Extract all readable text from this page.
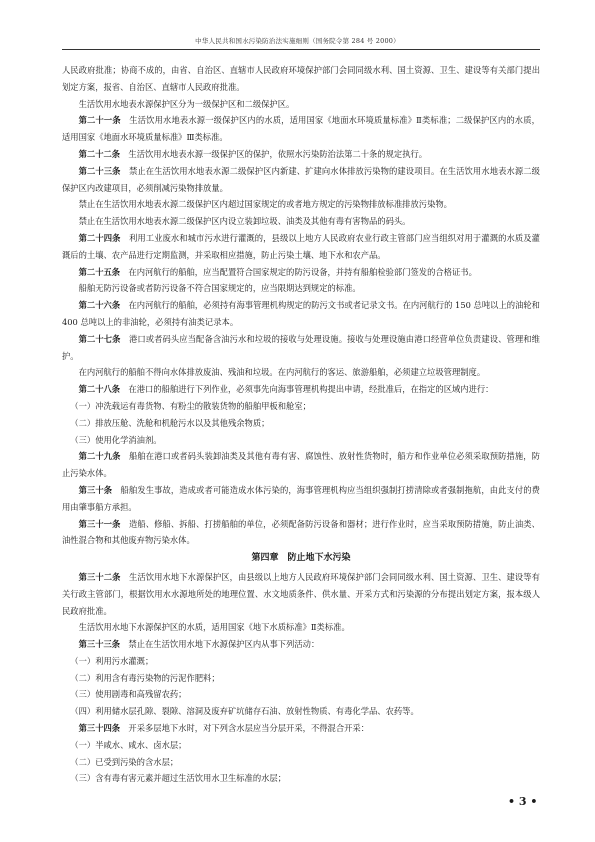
中华人民共和国水污染防治法实施细则（国务院令第 284 号 2000）

人民政府批准；协商不成的，由省、自治区、直辖市人民政府环境保护部门会同同级水利、国土资源、卫生、建设等有关部门提出划定方案，报省、自治区、直辖市人民政府批准。

生活饮用水地表水源保护区分为一级保护区和二级保护区。

第二十一条　 生活饮用水地表水源一级保护区内的水质，适用国家《地面水环境质量标准》Ⅱ类标准；二级保护区内的水质，适用国家《地面水环境质量标准》Ⅲ类标准。

第二十二条　 生活饮用水地表水源一级保护区的保护，依照水污染防治法第二十条的规定执行。

第二十三条　 禁止在生活饮用水地表水源二级保护区内新建、扩建向水体排放污染物的建设项目。在生活饮用水地表水源二级保护区内改建项目，必须削减污染物排放量。

禁止在生活饮用水地表水源二级保护区内超过国家规定的或者地方规定的污染物排放标准排放污染物。

禁止在生活饮用水地表水源二级保护区内设立装卸垃圾、油类及其他有毒有害物品的码头。

第二十四条　 利用工业废水和城市污水进行灌溉的，县级以上地方人民政府农业行政主管部门应当组织对用于灌溉的水质及灌溉后的土壤、农产品进行定期监测，并采取相应措施，防止污染土壤、地下水和农产品。

第二十五条　 在内河航行的船舶，应当配置符合国家规定的防污设备，并持有船舶检验部门签发的合格证书。

船舶无防污设备或者防污设备不符合国家规定的，应当限期达到规定的标准。

第二十六条　 在内河航行的船舶，必须持有海事管理机构规定的防污文书或者记录文书。在内河航行的 150 总吨以上的油轮和 400 总吨以上的非油轮，必须持有油类记录本。

第二十七条　 港口或者码头应当配备含油污水和垃圾的接收与处理设施。接收与处理设施由港口经营单位负责建设、管理和维护。

在内河航行的船舶不得向水体排放废油、残油和垃圾。在内河航行的客运、旅游船舶，必须建立垃圾管理制度。

第二十八条　 在港口的船舶进行下列作业，必须事先向海事管理机构提出申请，经批准后，在指定的区域内进行：

（一）冲洗载运有毒货物、有粉尘的散装货物的船舶甲板和舱室；

（二）排放压舱、洗舱和机舱污水以及其他残余物质；

（三）使用化学消油剂。

第二十九条　 船舶在港口或者码头装卸油类及其他有毒有害、腐蚀性、放射性货物时，船方和作业单位必须采取预防措施，防止污染水体。

第三十条　 船舶发生事故，造成或者可能造成水体污染的，海事管理机构应当组织强制打捞清除或者强制拖航，由此支付的费用由肇事船方承担。

第三十一条　 造船、修船、拆船、打捞船舶的单位，必须配备防污设备和器材；进行作业时，应当采取预防措施，防止油类、油性混合物和其他废弃物污染水体。

第四章　防止地下水污染

第三十二条　 生活饮用水地下水源保护区，由县级以上地方人民政府环境保护部门会同同级水利、国土资源、卫生、建设等有关行政主管部门，根据饮用水水源地所处的地理位置、水文地质条件、供水量、开采方式和污染源的分布提出划定方案，报本级人民政府批准。

生活饮用水地下水源保护区的水质，适用国家《地下水质标准》Ⅱ类标准。

第三十三条　 禁止在生活饮用水地下水源保护区内从事下列活动：

（一）利用污水灌溉；

（二）利用含有毒污染物的污泥作肥料；

（三）使用剧毒和高残留农药；

（四）利用储水层孔隙、裂隙、溶洞及废弃矿坑储存石油、放射性物质、有毒化学品、农药等。

第三十四条　 开采多层地下水时，对下列含水层应当分层开采，不得混合开采：

（一）半咸水、咸水、卤水层；

（二）已受到污染的含水层；

（三）含有毒有害元素并超过生活饮用水卫生标准的水层；

• 3 •
